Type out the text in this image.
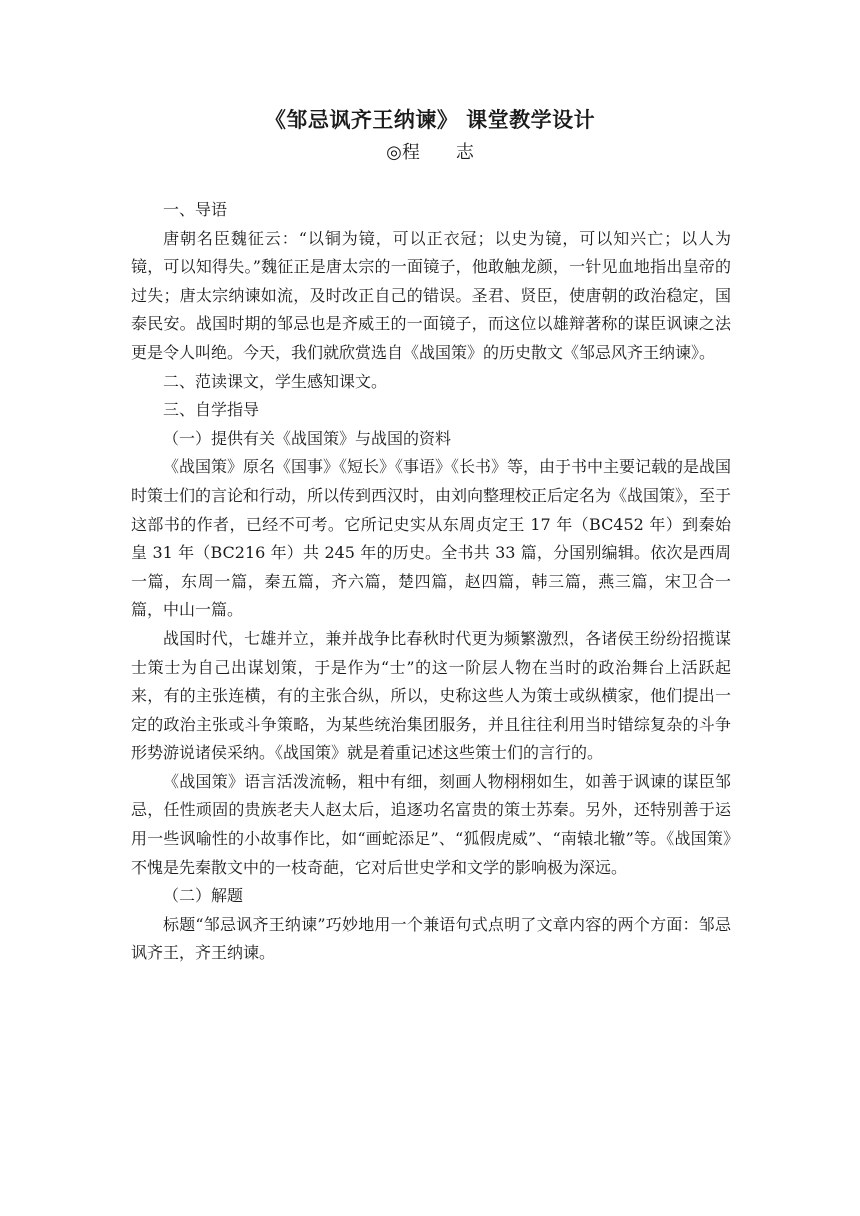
《邹忌讽齐王纳谏》 课堂教学设计
◎程 志

一、导语

唐朝名臣魏征云：“以铜为镜，可以正衣冠；以史为镜，可以知兴亡；以人为镜，可以知得失。”魏征正是唐太宗的一面镜子，他敢触龙颜，一针见血地指出皇帝的过失；唐太宗纳谏如流，及时改正自己的错误。圣君、贤臣，使唐朝的政治稳定，国泰民安。战国时期的邹忌也是齐威王的一面镜子，而这位以雄辩著称的谋臣讽谏之法更是令人叫绝。今天，我们就欣赏选自《战国策》的历史散文《邹忌风齐王纳谏》。

二、范读课文，学生感知课文。

三、自学指导

（一）提供有关《战国策》与战国的资料

《战国策》原名《国事》《短长》《事语》《长书》等，由于书中主要记载的是战国时策士们的言论和行动，所以传到西汉时，由刘向整理校正后定名为《战国策》，至于这部书的作者，已经不可考。它所记史实从东周贞定王 17 年（BC452 年）到秦始皇 31 年（BC216 年）共 245 年的历史。全书共 33 篇，分国别编辑。依次是西周一篇，东周一篇，秦五篇，齐六篇，楚四篇，赵四篇，韩三篇，燕三篇，宋卫合一篇，中山一篇。

战国时代，七雄并立，兼并战争比春秋时代更为频繁激烈，各诸侯王纷纷招揽谋士策士为自己出谋划策，于是作为“士”的这一阶层人物在当时的政治舞台上活跃起来，有的主张连横，有的主张合纵，所以，史称这些人为策士或纵横家，他们提出一定的政治主张或斗争策略，为某些统治集团服务，并且往往利用当时错综复杂的斗争形势游说诸侯采纳。《战国策》就是着重记述这些策士们的言行的。

《战国策》语言活泼流畅，粗中有细，刻画人物栩栩如生，如善于讽谏的谋臣邹忌，任性顽固的贵族老夫人赵太后，追逐功名富贵的策士苏秦。另外，还特别善于运用一些讽喻性的小故事作比，如“画蛇添足”、“狐假虎威”、“南辕北辙”等。《战国策》不愧是先秦散文中的一枝奇葩，它对后世史学和文学的影响极为深远。

（二）解题

标题“邹忌讽齐王纳谏”巧妙地用一个兼语句式点明了文章内容的两个方面：邹忌讽齐王，齐王纳谏。
